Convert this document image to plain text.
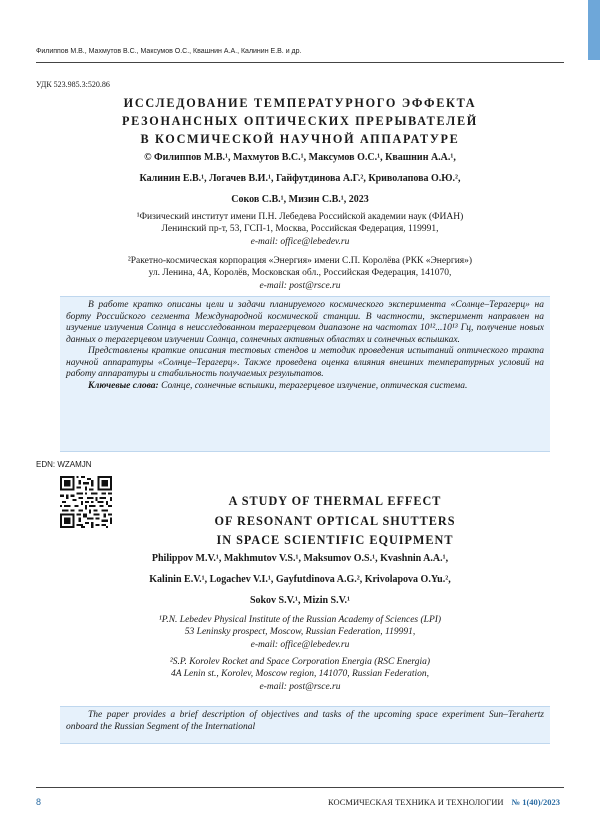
Филиппов М.В., Махмутов В.С., Максумов О.С., Квашнин А.А., Калинин Е.В. и др.
УДК 523.985.3:520.86
ИССЛЕДОВАНИЕ ТЕМПЕРАТУРНОГО ЭФФЕКТА
РЕЗОНАНСНЫХ ОПТИЧЕСКИХ ПРЕРЫВАТЕЛЕЙ
В КОСМИЧЕСКОЙ НАУЧНОЙ АППАРАТУРЕ
© Филиппов М.В.¹, Махмутов В.С.¹, Максумов О.С.¹, Квашнин А.А.¹,
Калинин Е.В.¹, Логачев В.И.¹, Гайфутдинова А.Г.², Криволапова О.Ю.²,
Соков С.В.¹, Мизин С.В.¹, 2023
¹Физический институт имени П.Н. Лебедева Российской академии наук (ФИАН)
Ленинский пр-т, 53, ГСП-1, Москва, Российская Федерация, 119991,
e-mail: office@lebedev.ru
²Ракетно-космическая корпорация «Энергия» имени С.П. Королёва (РКК «Энергия»)
ул. Ленина, 4А, Королёв, Московская обл., Российская Федерация, 141070,
e-mail: post@rsce.ru

В работе кратко описаны цели и задачи планируемого космического эксперимента «Солнце–Терагерц» на борту Российского сегмента Международной космической станции. В частности, эксперимент направлен на изучение излучения Солнца в неисследованном терагерцевом диапазоне на частотах 10¹²...10¹³ Гц, получение новых данных о терагерцевом излучении Солнца, солнечных активных областях и солнечных вспышках.

Представлены краткие описания тестовых стендов и методик проведения испытаний оптического тракта научной аппаратуры «Солнце–Терагерц». Также проведена оценка влияния внешних температурных условий на работу аппаратуры и стабильность получаемых результатов.

Ключевые слова: Солнце, солнечные вспышки, терагерцевое излучение, оптическая система.

EDN: WZAMJN
A STUDY OF THERMAL EFFECT
OF RESONANT OPTICAL SHUTTERS
IN SPACE SCIENTIFIC EQUIPMENT
Philippov M.V.¹, Makhmutov V.S.¹, Maksumov O.S.¹, Kvashnin A.A.¹,
Kalinin E.V.¹, Logachev V.I.¹, Gayfutdinova A.G.², Krivolapova O.Yu.²,
Sokov S.V.¹, Mizin S.V.¹
¹P.N. Lebedev Physical Institute of the Russian Academy of Sciences (LPI)
53 Leninsky prospect, Moscow, Russian Federation, 119991,
e-mail: office@lebedev.ru
²S.P. Korolev Rocket and Space Corporation Energia (RSC Energia)
4A Lenin st., Korolev, Moscow region, 141070, Russian Federation,
e-mail: post@rsce.ru

The paper provides a brief description of objectives and tasks of the upcoming space experiment Sun–Terahertz onboard the Russian Segment of the International

8	КОСМИЧЕСКАЯ ТЕХНИКА И ТЕХНОЛОГИИ № 1(40)/2023
